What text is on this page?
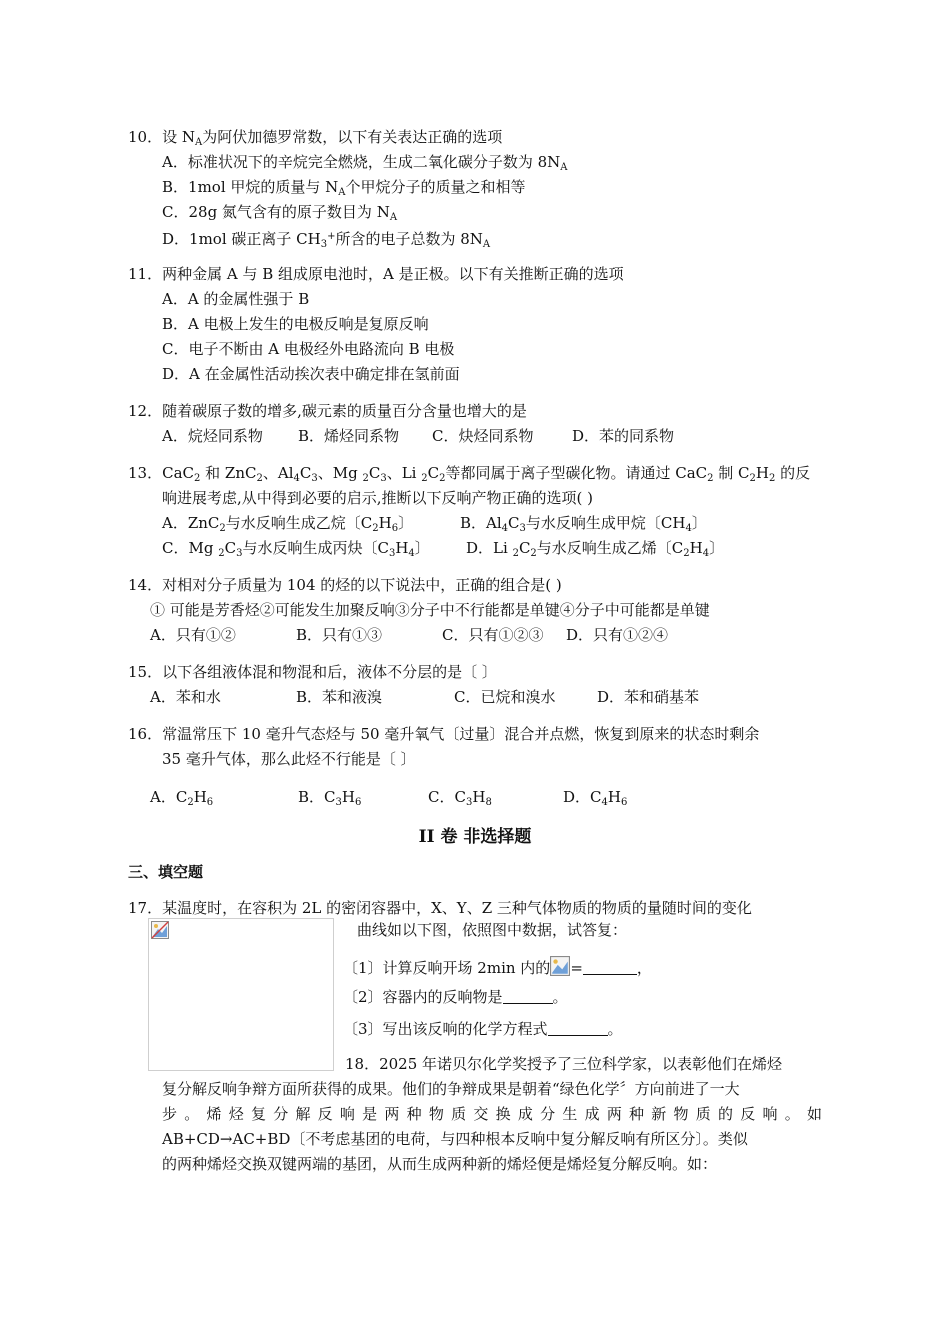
10．设 $N_A$为阿伏加德罗常数，以下有关表达正确的选项
A．标准状况下的辛烷完全燃烧，生成二氧化碳分子数为 $8N_A$
B．1mol 甲烷的质量与 $N_A$个甲烷分子的质量之和相等
C．28g 氮气含有的原子数目为 $N_A$
D．1mol 碳正离子 $CH_3^+$所含的电子总数为 $8N_A$
11．两种金属 A 与 B 组成原电池时，A 是正极。以下有关推断正确的选项
A．A 的金属性强于 B
B．A 电极上发生的电极反响是复原反响
C．电子不断由 A 电极经外电路流向 B 电极
D．A 在金属性活动挨次表中确定排在氢前面
12．随着碳原子数的增多,碳元素的质量百分含量也增大的是
A．烷烃同系物 B．烯烃同系物 C．炔烃同系物	D．苯的同系物
13．CaC$_2$ 和 ZnC$_2$、$Al_4C_3$、Mg $_2C_3$、Li $_2C_2$等都同属于离子型碳化物。请通过 CaC$_2$ 制 $C_2H_2$ 的反
响进展考虑,从中得到必要的启示,推断以下反响产物正确的选项( )
A．ZnC$_2$与水反响生成乙烷〔$C_2H_6$〕	B．$Al_4C_3$与水反响生成甲烷〔$CH_4$〕
C．Mg $_2C_3$与水反响生成丙炔〔$C_3H_4$〕 D．Li $_2C_2$与水反响生成乙烯〔$C_2H_4$〕
14．对相对分子质量为 104 的烃的以下说法中，正确的组合是( )
① 可能是芳香烃②可能发生加聚反响③分子中不行能都是单键④分子中可能都是单键
A．只有①②	B．只有①③	C．只有①②③ D．只有①②④
15．以下各组液体混和物混和后，液体不分层的是〔 〕
A．苯和水	B．苯和液溴	C．已烷和溴水	D．苯和硝基苯
16．常温常压下 10 毫升气态烃与 50 毫升氧气〔过量〕混合并点燃，恢复到原来的状态时剩余
35 毫升气体，那么此烃不行能是〔 〕
A．$C_2H_6$	B．$C_3H_6$	C．$C_3H_8$	D．$C_4H_6$
II 卷 非选择题
三、填空题
17．某温度时，在容积为 2L 的密闭容器中，X、Y、Z 三种气体物质的物质的量随时间的变化
曲线如以下图，依照图中数据，试答复：
〔1〕计算反响开场 2min 内的 =	，
〔2〕容器内的反响物是	。
〔3〕写出该反响的化学方程式	。
18．2025 年诺贝尔化学奖授予了三位科学家，以表彰他们在烯烃
复分解反响争辩方面所获得的成果。他们的争辩成果是朝着“绿色化学〞方向前进了一大
步。烯烃复分解反响是两种物质交换成分生成两种新物质的反响。如
AB+CD→AC+BD〔不考虑基团的电荷，与四种根本反响中复分解反响有所区分〕。类似
的两种烯烃交换双键两端的基团，从而生成两种新的烯烃便是烯烃复分解反响。如：
